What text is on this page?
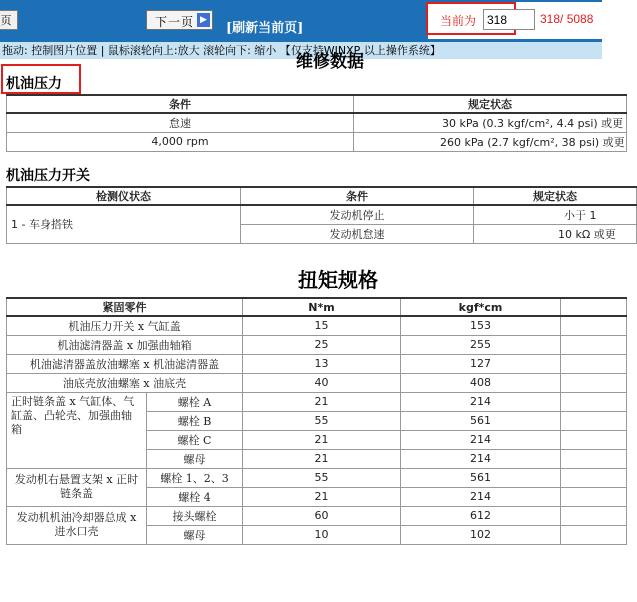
页	下一页 ▶
[刷新当前页]	当前为
318	318/ 5088
拖动: 控制图片位置 | 鼠标滚轮向上:放大 滚轮向下: 缩小 【仅支持WINXP 以上操作系统】
维修数据
机油压力
条件	规定状态
怠速	30 kPa (0.3 kgf/cm², 4.4 psi) 或更
4,000 rpm	260 kPa (2.7 kgf/cm², 38 psi) 或更
机油压力开关
检测仪状态	条件	规定状态
1 - 车身搭铁	发动机停止	小于 1
	发动机怠速	10 kΩ 或更
扭矩规格
紧固零件		N*m	kgf*cm	
机油压力开关 x 气缸盖		15	153	
机油滤清器盖 x 加强曲轴箱		25	255	
机油滤清器盖放油螺塞 x 机油滤清器盖		13	127	
油底壳放油螺塞 x 油底壳		40	408	
正时链条盖 x 气缸体、气缸盖、凸轮壳、加强曲轴箱	螺栓 A	21	214	
	螺栓 B	55	561	
	螺栓 C	21	214	
	螺母	21	214	
发动机右悬置支架 x 正时链条盖	螺栓 1、2、3	55	561	
	螺栓 4	21	214	
发动机机油冷却器总成 x 进水口壳	接头螺栓	60	612	
	螺母	10	102	
